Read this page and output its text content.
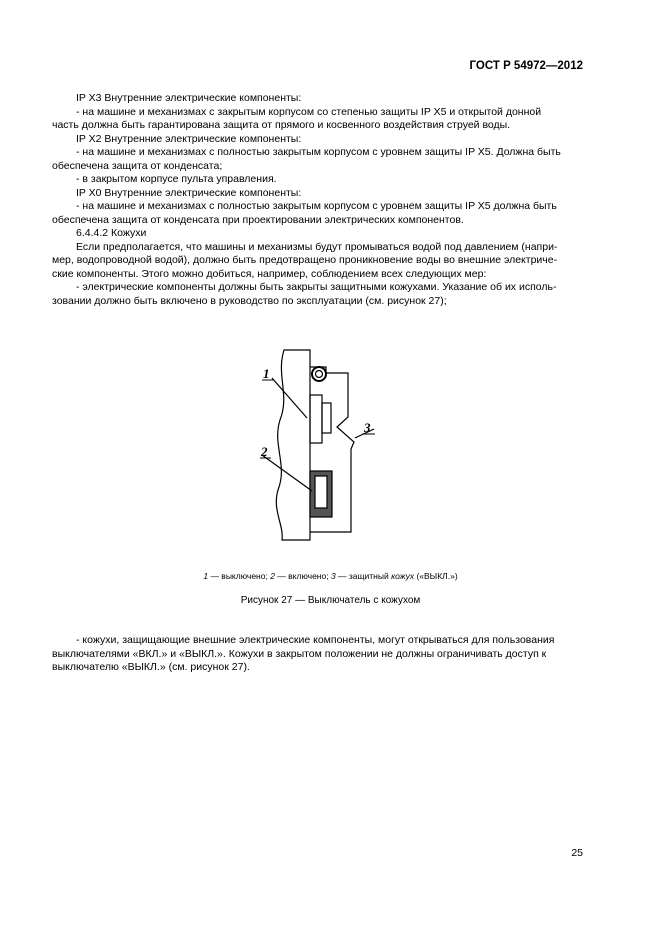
ГОСТ Р 54972—2012
IP X3 Внутренние электрические компоненты:
- на машине и механизмах с закрытым корпусом со степенью защиты IP X5 и открытой донной
часть должна быть гарантирована защита от прямого и косвенного воздействия струей воды.
IP X2 Внутренние электрические компоненты:
- на машине и механизмах с полностью закрытым корпусом с уровнем защиты IP X5. Должна быть
обеспечена защита от конденсата;
- в закрытом корпусе пульта управления.
IP X0 Внутренние электрические компоненты:
- на машине и механизмах с полностью закрытым корпусом с уровнем защиты IP X5 должна быть
обеспечена защита от конденсата при проектировании электрических компонентов.
6.4.4.2 Кожухи
Если предполагается, что машины и механизмы будут промываться водой под давлением (напри-
мер, водопроводной водой), должно быть предотвращено проникновение воды во внешние электриче-
ские компоненты. Этого можно добиться, например, соблюдением всех следующих мер:
- электрические компоненты должны быть закрыты защитными кожухами. Указание об их исполь-
зовании должно быть включено в руководство по эксплуатации (см. рисунок 27);
1
2
3
1 — выключено; 2 — включено; 3 — защитный кожух («ВЫКЛ.»)
Рисунок 27 — Выключатель с кожухом
- кожухи, защищающие внешние электрические компоненты, могут открываться для пользования
выключателями «ВКЛ.» и «ВЫКЛ.». Кожухи в закрытом положении не должны ограничивать доступ к
выключателю «ВЫКЛ.» (см. рисунок 27).
25
